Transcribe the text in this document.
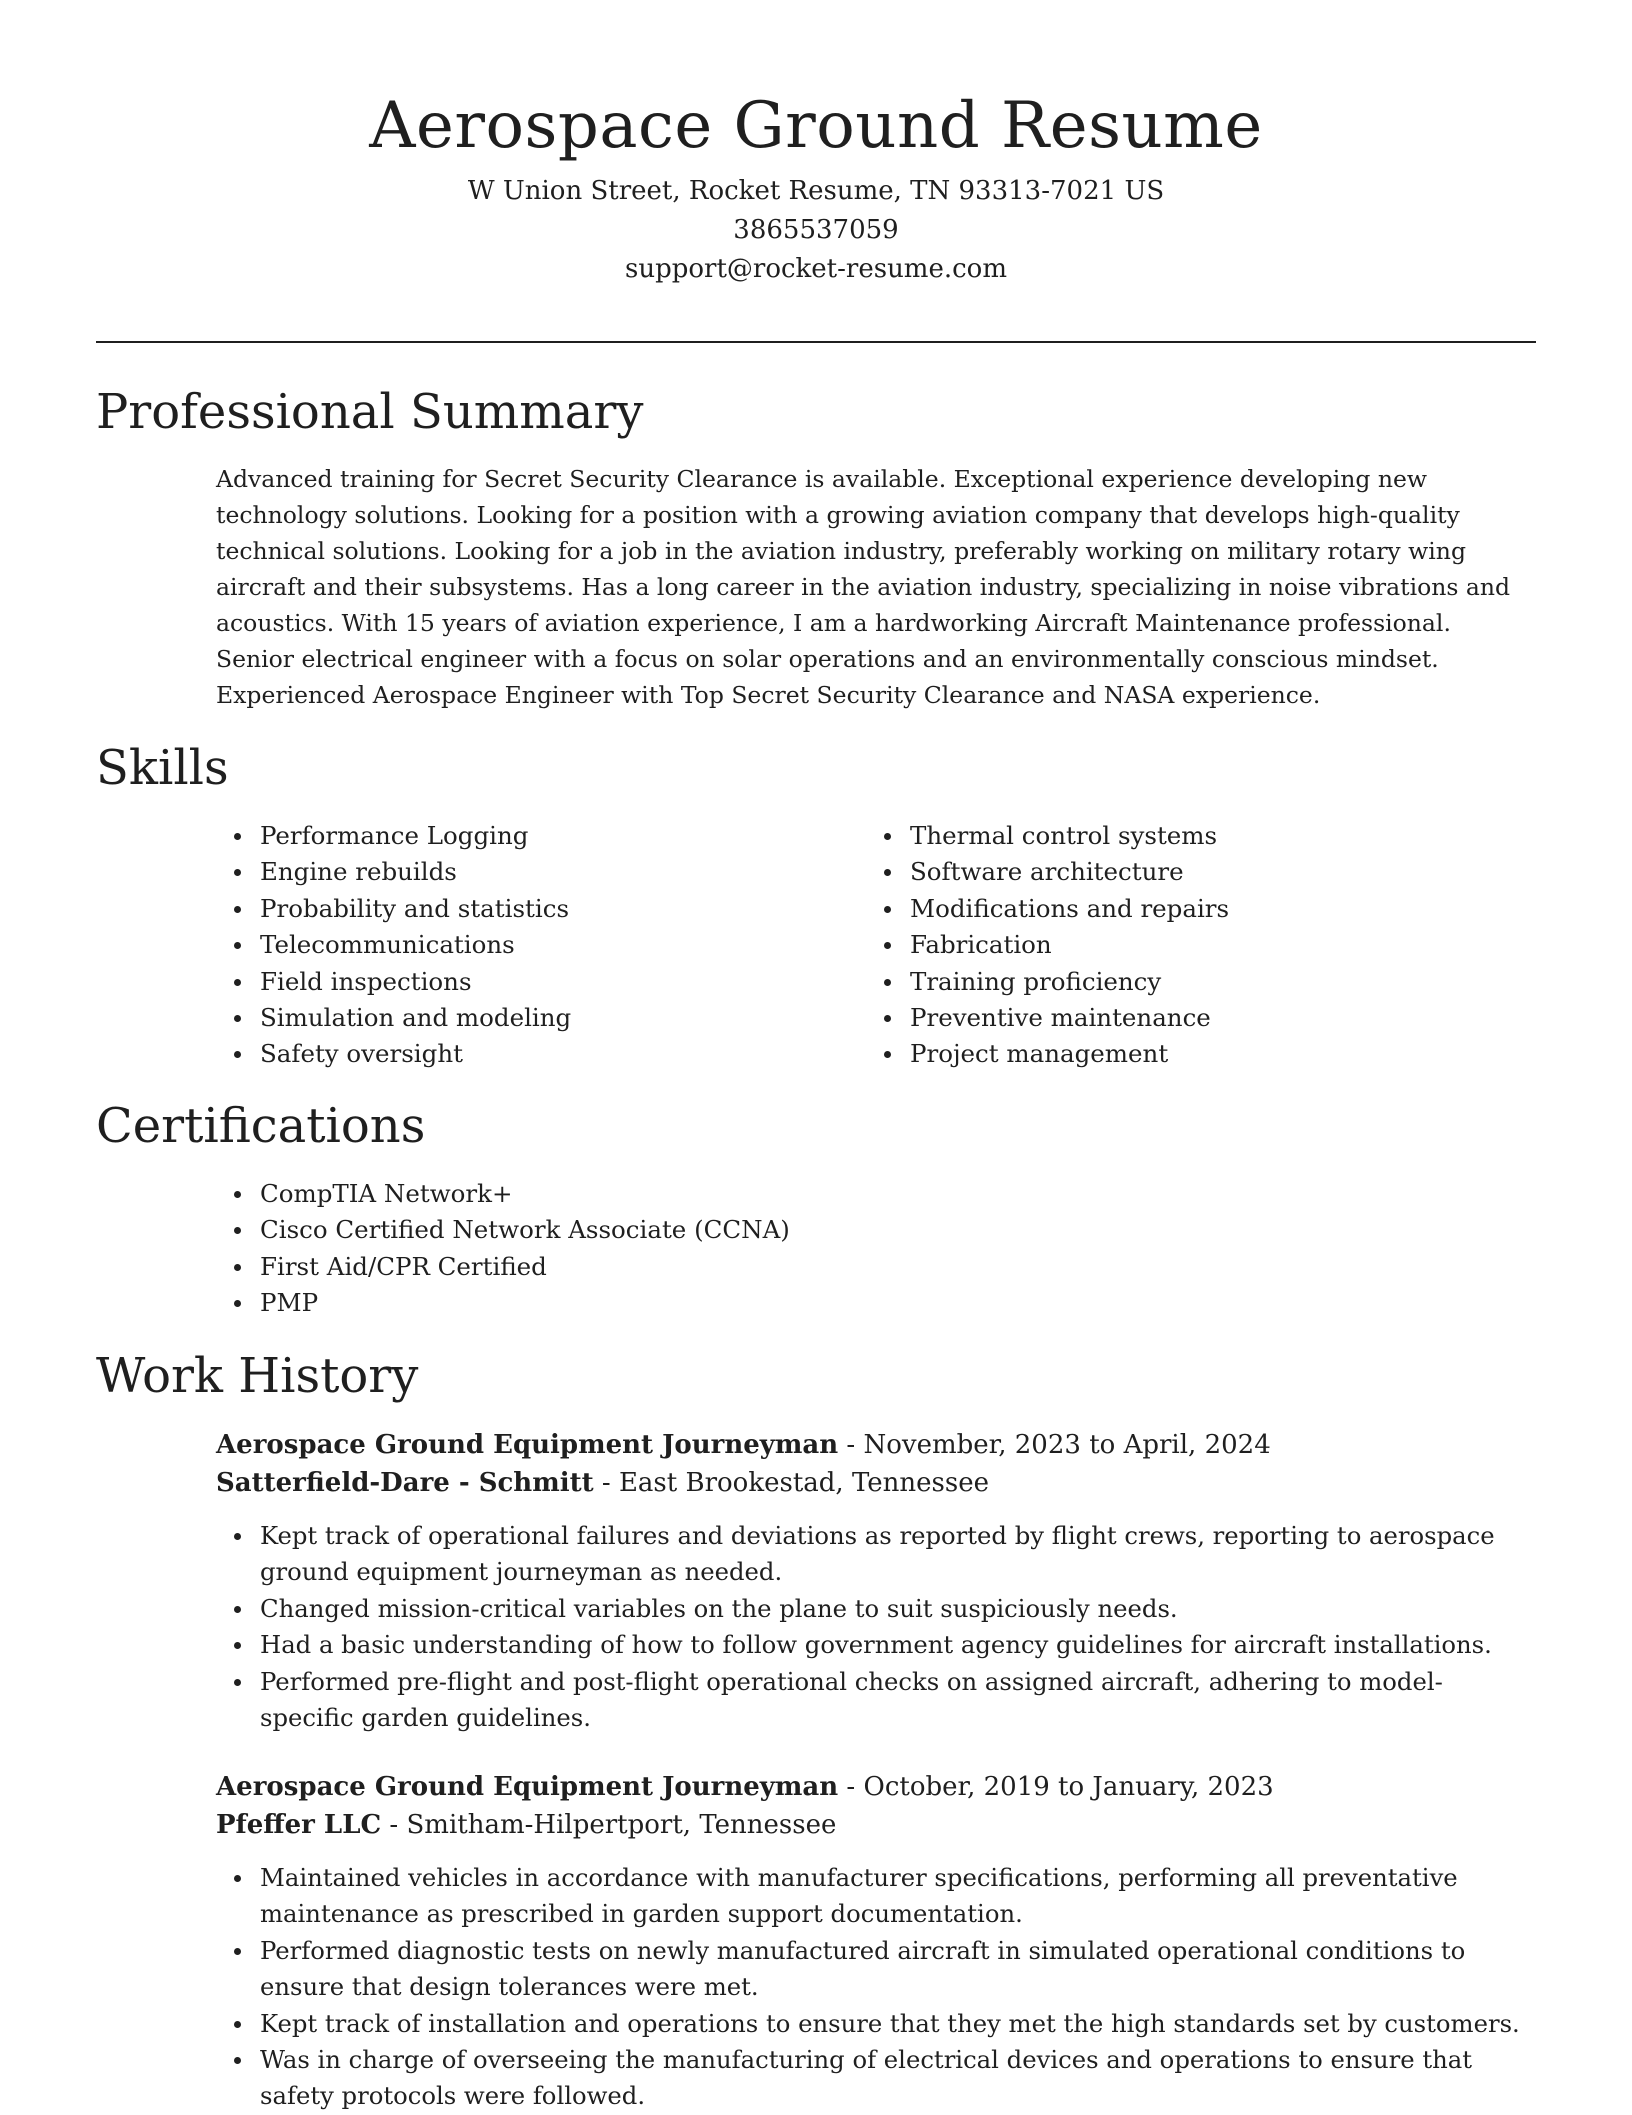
Aerospace Ground Resume

W Union Street, Rocket Resume, TN 93313-7021 US

3865537059

support@rocket-resume.com

Professional Summary

Advanced training for Secret Security Clearance is available. Exceptional experience developing new technology solutions. Looking for a position with a growing aviation company that develops high-quality technical solutions. Looking for a job in the aviation industry, preferably working on military rotary wing aircraft and their subsystems. Has a long career in the aviation industry, specializing in noise vibrations and acoustics. With 15 years of aviation experience, I am a hardworking Aircraft Maintenance professional. Senior electrical engineer with a focus on solar operations and an environmentally conscious mindset. Experienced Aerospace Engineer with Top Secret Security Clearance and NASA experience.

Skills
Performance Logging
Engine rebuilds
Probability and statistics
Telecommunications
Field inspections
Simulation and modeling
Safety oversight
Thermal control systems
Software architecture
Modifications and repairs
Fabrication
Training proficiency
Preventive maintenance
Project management
Certifications
CompTIA Network+
Cisco Certified Network Associate (CCNA)
First Aid/CPR Certified
PMP
Work History

Aerospace Ground Equipment Journeyman - November, 2023 to April, 2024

Satterfield-Dare - Schmitt - East Brookestad, Tennessee

Kept track of operational failures and deviations as reported by flight crews, reporting to aerospace ground equipment journeyman as needed.
Changed mission-critical variables on the plane to suit suspiciously needs.
Had a basic understanding of how to follow government agency guidelines for aircraft installations.
Performed pre-flight and post-flight operational checks on assigned aircraft, adhering to model-specific garden guidelines.

Aerospace Ground Equipment Journeyman - October, 2019 to January, 2023

Pfeffer LLC - Smitham-Hilpertport, Tennessee

Maintained vehicles in accordance with manufacturer specifications, performing all preventative maintenance as prescribed in garden support documentation.
Performed diagnostic tests on newly manufactured aircraft in simulated operational conditions to ensure that design tolerances were met.
Kept track of installation and operations to ensure that they met the high standards set by customers.
Was in charge of overseeing the manufacturing of electrical devices and operations to ensure that safety protocols were followed.
